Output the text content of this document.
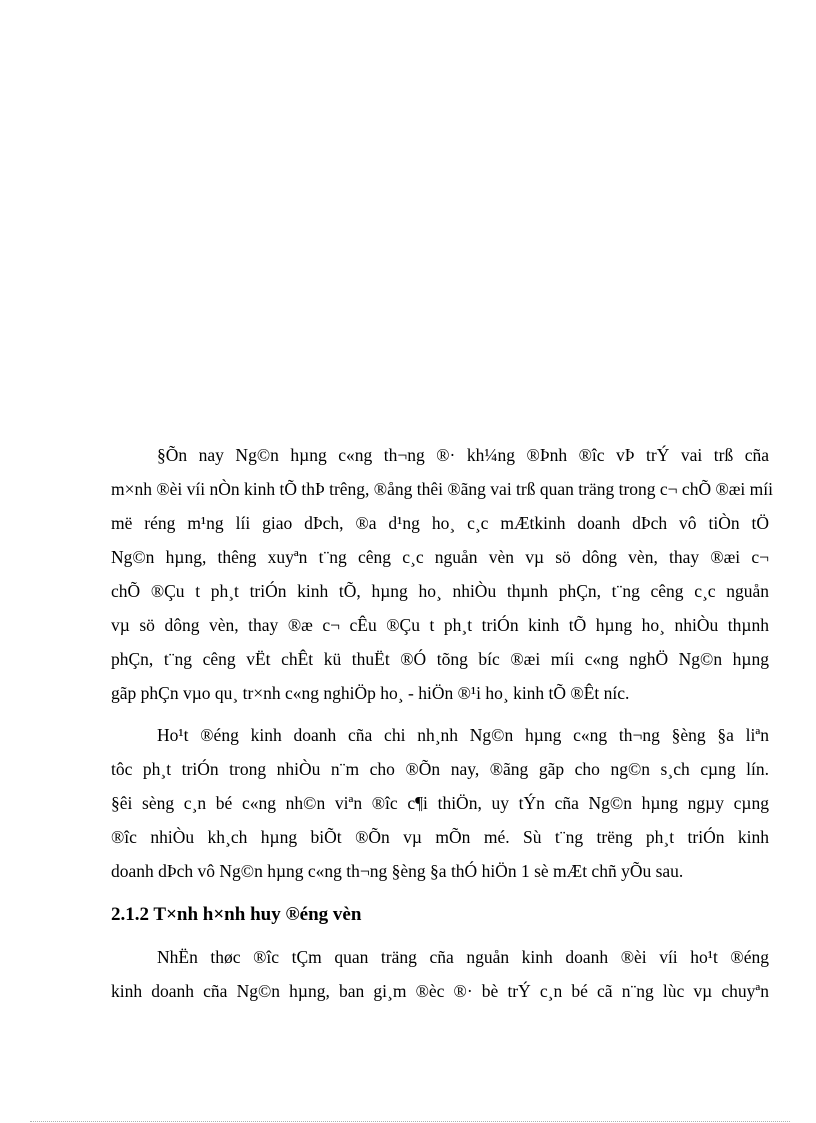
§Õn nay Ng©n hµng c«ng th¬ng ®· kh¼ng ®Þnh ®îc vÞ trÝ vai trß cña
m×nh ®èi víi nÒn kinh tÕ thÞ trêng, ®ång thêi ®ãng vai trß quan träng trong c¬ chÕ ®æi míi
më réng m¹ng líi giao dÞch, ®a d¹ng ho¸ c¸c mÆtkinh doanh dÞch vô tiÒn tÖ
Ng©n hµng, thêng xuyªn t¨ng cêng c¸c nguån vèn vµ sö dông vèn, thay ®æi c¬
chÕ ®Çu t ph¸t triÓn kinh tÕ, hµng ho¸ nhiÒu thµnh phÇn, t¨ng cêng c¸c nguån
vµ sö dông vèn, thay ®æ c¬ cÊu ®Çu t ph¸t triÓn kinh tÕ hµng ho¸ nhiÒu thµnh
phÇn, t¨ng cêng vËt chÊt kü thuËt ®Ó tõng bíc ®æi míi c«ng nghÖ Ng©n hµng
gãp phÇn vµo qu¸ tr×nh c«ng nghiÖp ho¸ - hiÖn ®¹i ho¸ kinh tÕ ®Êt níc.

Ho¹t ®éng kinh doanh cña chi nh¸nh Ng©n hµng c«ng th¬ng §èng §a liªn
tôc ph¸t triÓn trong nhiÒu n¨m cho ®Õn nay, ®ãng gãp cho ng©n s¸ch cµng lín.
§êi sèng c¸n bé c«ng nh©n viªn ®îc c¶i thiÖn, uy tÝn cña Ng©n hµng ngµy cµng
®îc nhiÒu kh¸ch hµng biÕt ®Õn vµ mÕn mé. Sù t¨ng trëng ph¸t triÓn kinh
doanh dÞch vô Ng©n hµng c«ng th¬ng §èng §a thÓ hiÖn 1 sè mÆt chñ yÕu sau.

2.1.2 T×nh h×nh huy ®éng vèn

NhËn thøc ®îc tÇm quan träng cña nguån kinh doanh ®èi víi ho¹t ®éng
kinh doanh cña Ng©n hµng, ban gi¸m ®èc ®· bè trÝ c¸n bé cã n¨ng lùc vµ chuyªn
